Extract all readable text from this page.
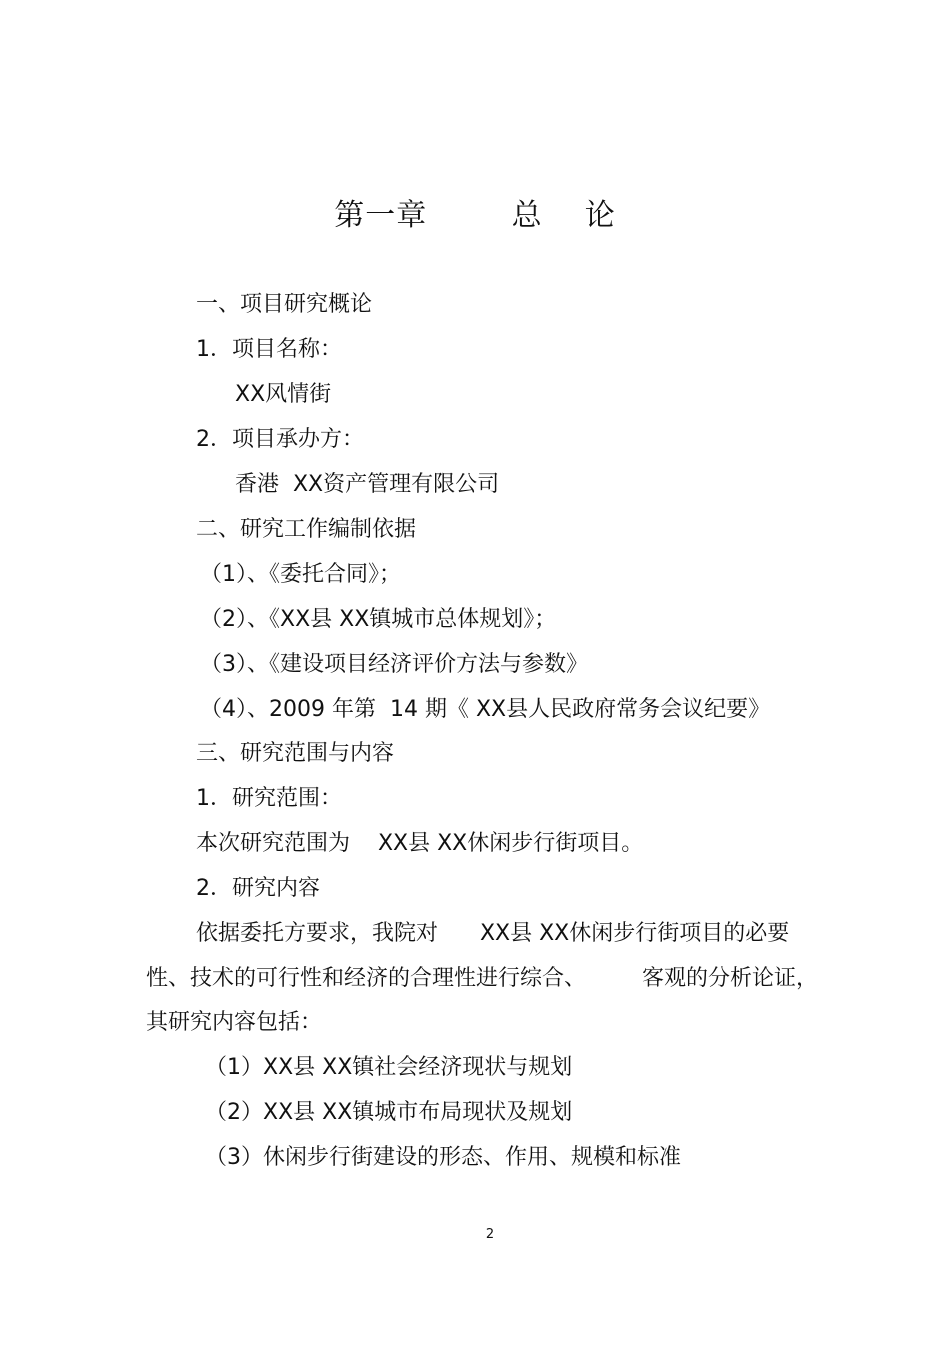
第一章        总    论
一、项目研究概论
1．项目名称：
XX风情街
2．项目承办方：
香港  XX资产管理有限公司
二、研究工作编制依据
（1）、《委托合同》；
（2）、《XX县 XX镇城市总体规划》；
（3）、《建设项目经济评价方法与参数》
（4）、2009 年第  14 期《 XX县人民政府常务会议纪要》
三、研究范围与内容
1．研究范围：
本次研究范围为    XX县 XX休闲步行街项目。
2．研究内容
依据委托方要求，我院对      XX县 XX休闲步行街项目的必要
性、技术的可行性和经济的合理性进行综合、        客观的分析论证，
其研究内容包括：
（1）XX县 XX镇社会经济现状与规划
（2）XX县 XX镇城市布局现状及规划
（3）休闲步行街建设的形态、作用、规模和标准
2
